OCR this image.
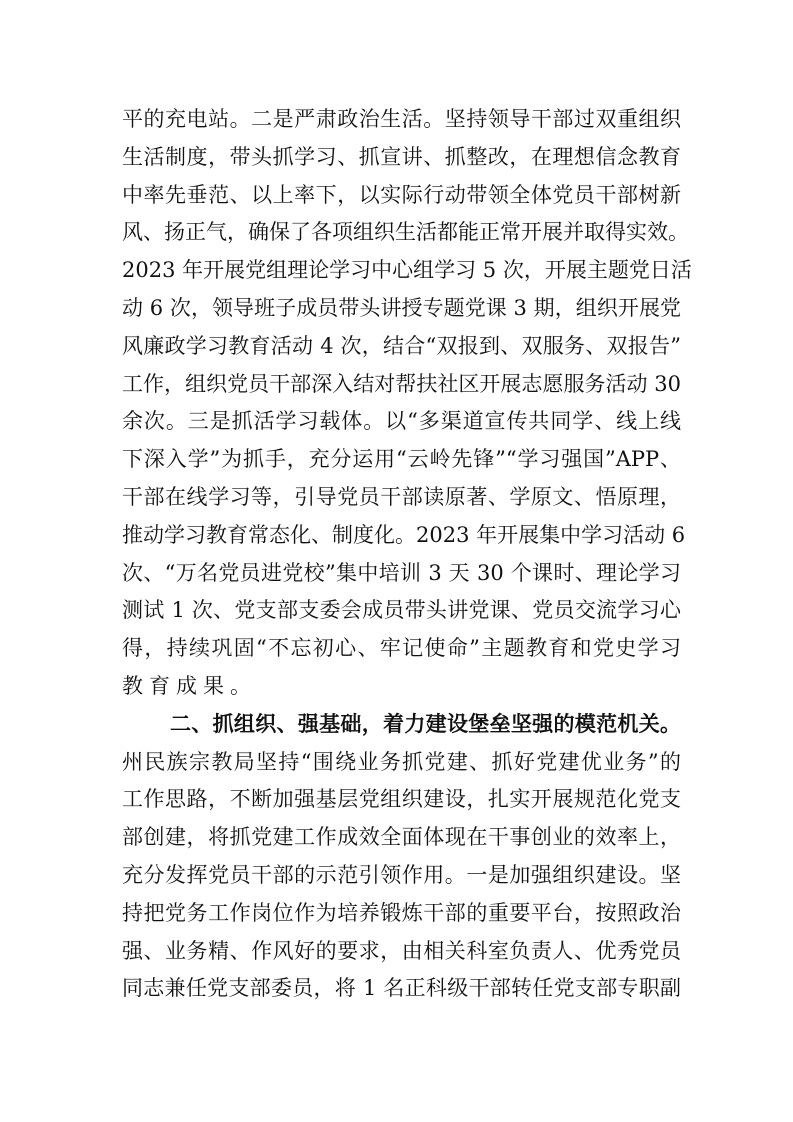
平的充电站。二是严肃政治生活。坚持领导干部过双重组织
生活制度，带头抓学习、抓宣讲、抓整改，在理想信念教育
中率先垂范、以上率下，以实际行动带领全体党员干部树新
风、扬正气，确保了各项组织生活都能正常开展并取得实效。
2023 年开展党组理论学习中心组学习 5 次，开展主题党日活
动 6 次，领导班子成员带头讲授专题党课 3 期，组织开展党
风廉政学习教育活动 4 次，结合“双报到、双服务、双报告”
工作，组织党员干部深入结对帮扶社区开展志愿服务活动 30
余次。三是抓活学习载体。以“多渠道宣传共同学、线上线
下深入学”为抓手，充分运用“云岭先锋”“学习强国”APP、
干部在线学习等，引导党员干部读原著、学原文、悟原理，
推动学习教育常态化、制度化。2023 年开展集中学习活动 6
次、“万名党员进党校”集中培训 3 天 30 个课时、理论学习
测试 1 次、党支部支委会成员带头讲党课、党员交流学习心
得，持续巩固“不忘初心、牢记使命”主题教育和党史学习
教育成果。
二、抓组织、强基础，着力建设堡垒坚强的模范机关。
州民族宗教局坚持“围绕业务抓党建、抓好党建优业务”的
工作思路，不断加强基层党组织建设，扎实开展规范化党支
部创建，将抓党建工作成效全面体现在干事创业的效率上，
充分发挥党员干部的示范引领作用。一是加强组织建设。坚
持把党务工作岗位作为培养锻炼干部的重要平台，按照政治
强、业务精、作风好的要求，由相关科室负责人、优秀党员
同志兼任党支部委员，将 1 名正科级干部转任党支部专职副
